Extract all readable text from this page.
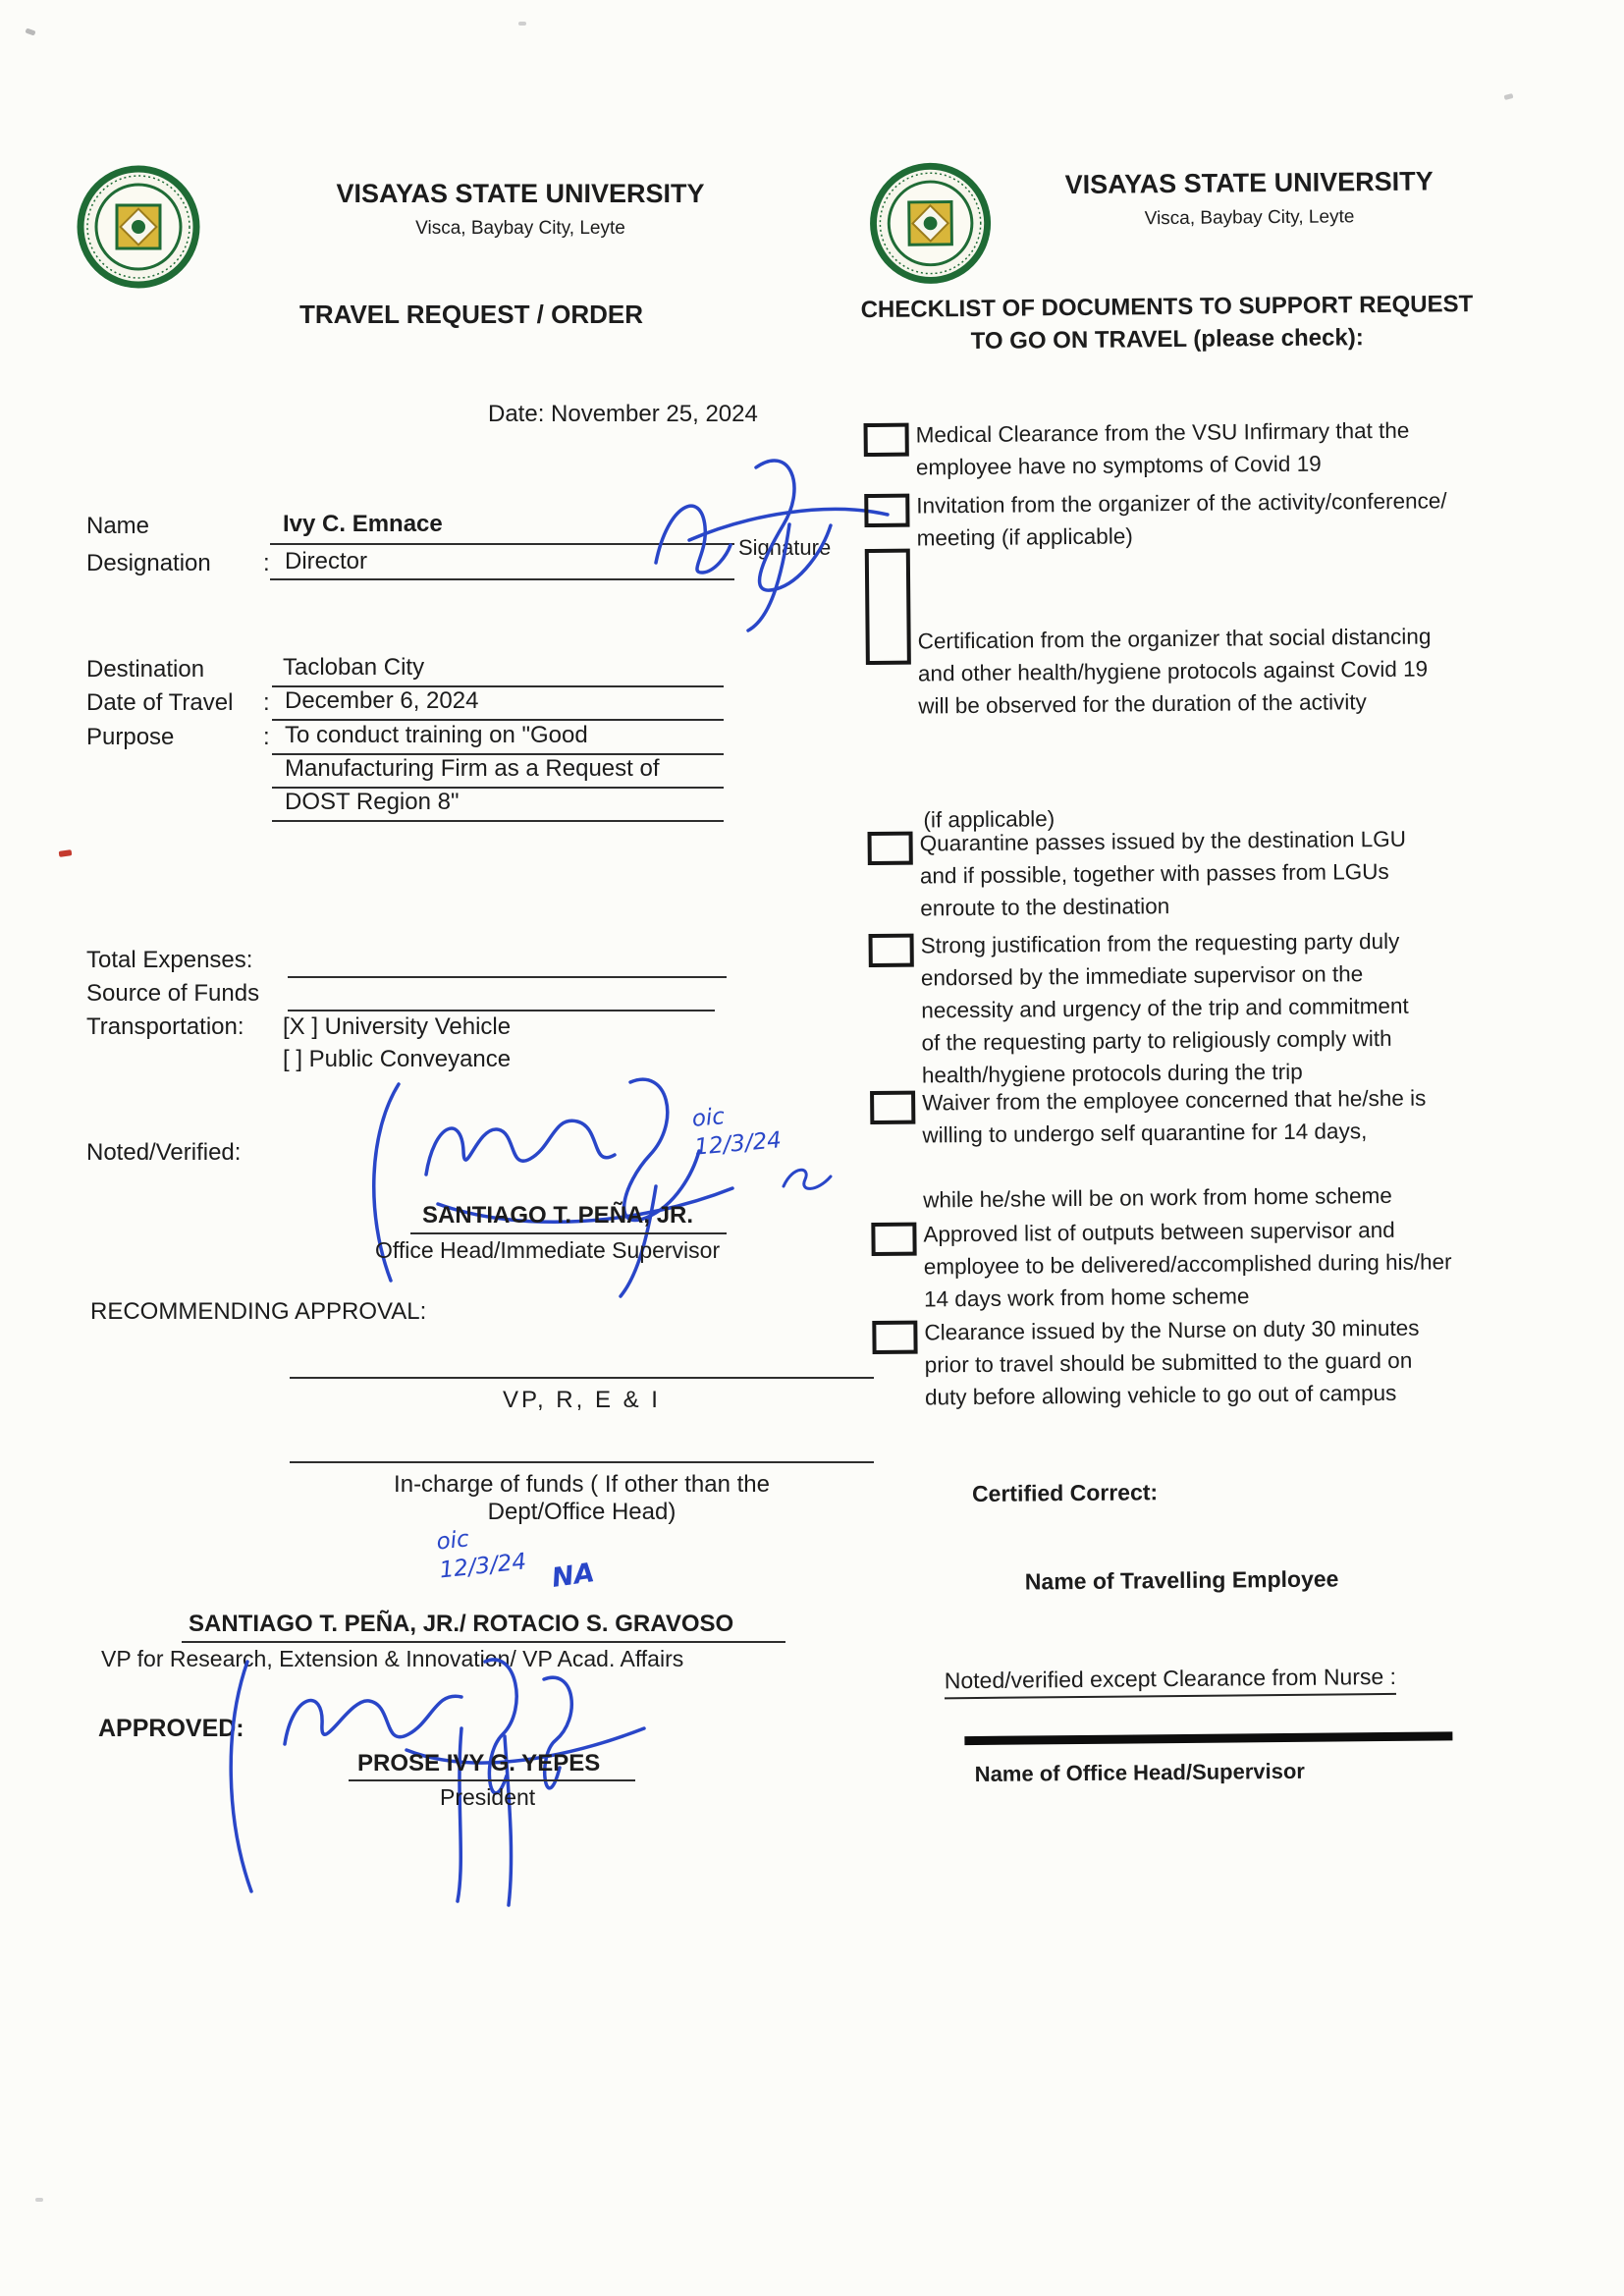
VISAYAS STATE UNIVERSITY
Visca, Baybay City, Leyte
TRAVEL REQUEST / ORDER
Date: November 25, 2024
Name	Ivy C. Emnace
Signature
Designation : Director
Destination	Tacloban City
Date of Travel : December 6, 2024
Purpose	: To conduct training on "Good
Manufacturing Firm as a Request of
DOST Region 8"
Total Expenses:
Source of Funds
Transportation: [X ] University Vehicle
[ ] Public Conveyance
Noted/Verified:
oic
12/3/24
SANTIAGO T. PEÑA, JR.
Office Head/Immediate Supervisor
RECOMMENDING APPROVAL:
VP, R, E & I
In-charge of funds ( If other than the
Dept/Office Head)
oic
12/3/24 NA
SANTIAGO T. PEÑA, JR./ ROTACIO S. GRAVOSO
VP for Research, Extension & Innovation/ VP Acad. Affairs
APPROVED:
PROSE IVY G. YEPES
President
VISAYAS STATE UNIVERSITY
Visca, Baybay City, Leyte
CHECKLIST OF DOCUMENTS TO SUPPORT REQUEST
TO GO ON TRAVEL (please check):
Medical Clearance from the VSU Infirmary that the
employee have no symptoms of Covid 19
Invitation from the organizer of the activity/conference/
meeting (if applicable)
Certification from the organizer that social distancing
and other health/hygiene protocols against Covid 19
will be observed for the duration of the activity
(if applicable)
Quarantine passes issued by the destination LGU
and if possible, together with passes from LGUs
enroute to the destination
Strong justification from the requesting party duly
endorsed by the immediate supervisor on the
necessity and urgency of the trip and commitment
of the requesting party to religiously comply with
health/hygiene protocols during the trip
Waiver from the employee concerned that he/she is
willing to undergo self quarantine for 14 days,

while he/she will be on work from home scheme
Approved list of outputs between supervisor and
employee to be delivered/accomplished during his/her
14 days work from home scheme
Clearance issued by the Nurse on duty 30 minutes
prior to travel should be submitted to the guard on
duty before allowing vehicle to go out of campus
Certified Correct:
Name of Travelling Employee
Noted/verified except Clearance from Nurse :
Name of Office Head/Supervisor
